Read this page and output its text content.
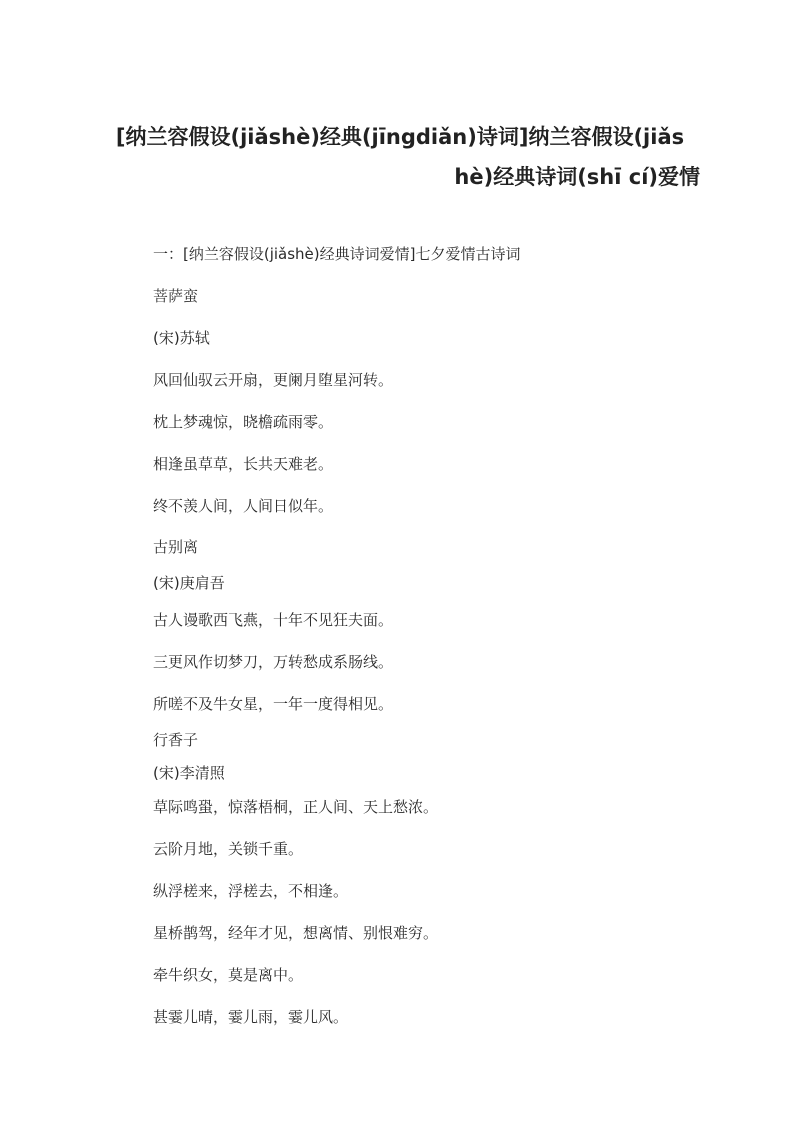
[纳兰容假设(jiǎshè)经典(jīngdiǎn)诗词]纳兰容假设(jiǎs
hè)经典诗词(shī cí)爱情

一：[纳兰容假设(jiǎshè)经典诗词爱情]七夕爱情古诗词

菩萨蛮

(宋)苏轼

风回仙驭云开扇，更阑月堕星河转。

枕上梦魂惊，晓檐疏雨零。

相逢虽草草，长共天难老。

终不羡人间，人间日似年。

古别离

(宋)庚肩吾

古人谩歌西飞燕，十年不见狂夫面。

三更风作切梦刀，万转愁成系肠线。

所嗟不及牛女星，一年一度得相见。

行香子

(宋)李清照

草际鸣蛩，惊落梧桐，正人间、天上愁浓。

云阶月地，关锁千重。

纵浮槎来，浮槎去，不相逢。

星桥鹊驾，经年才见，想离情、别恨难穷。

牵牛织女，莫是离中。

甚霎儿晴，霎儿雨，霎儿风。
